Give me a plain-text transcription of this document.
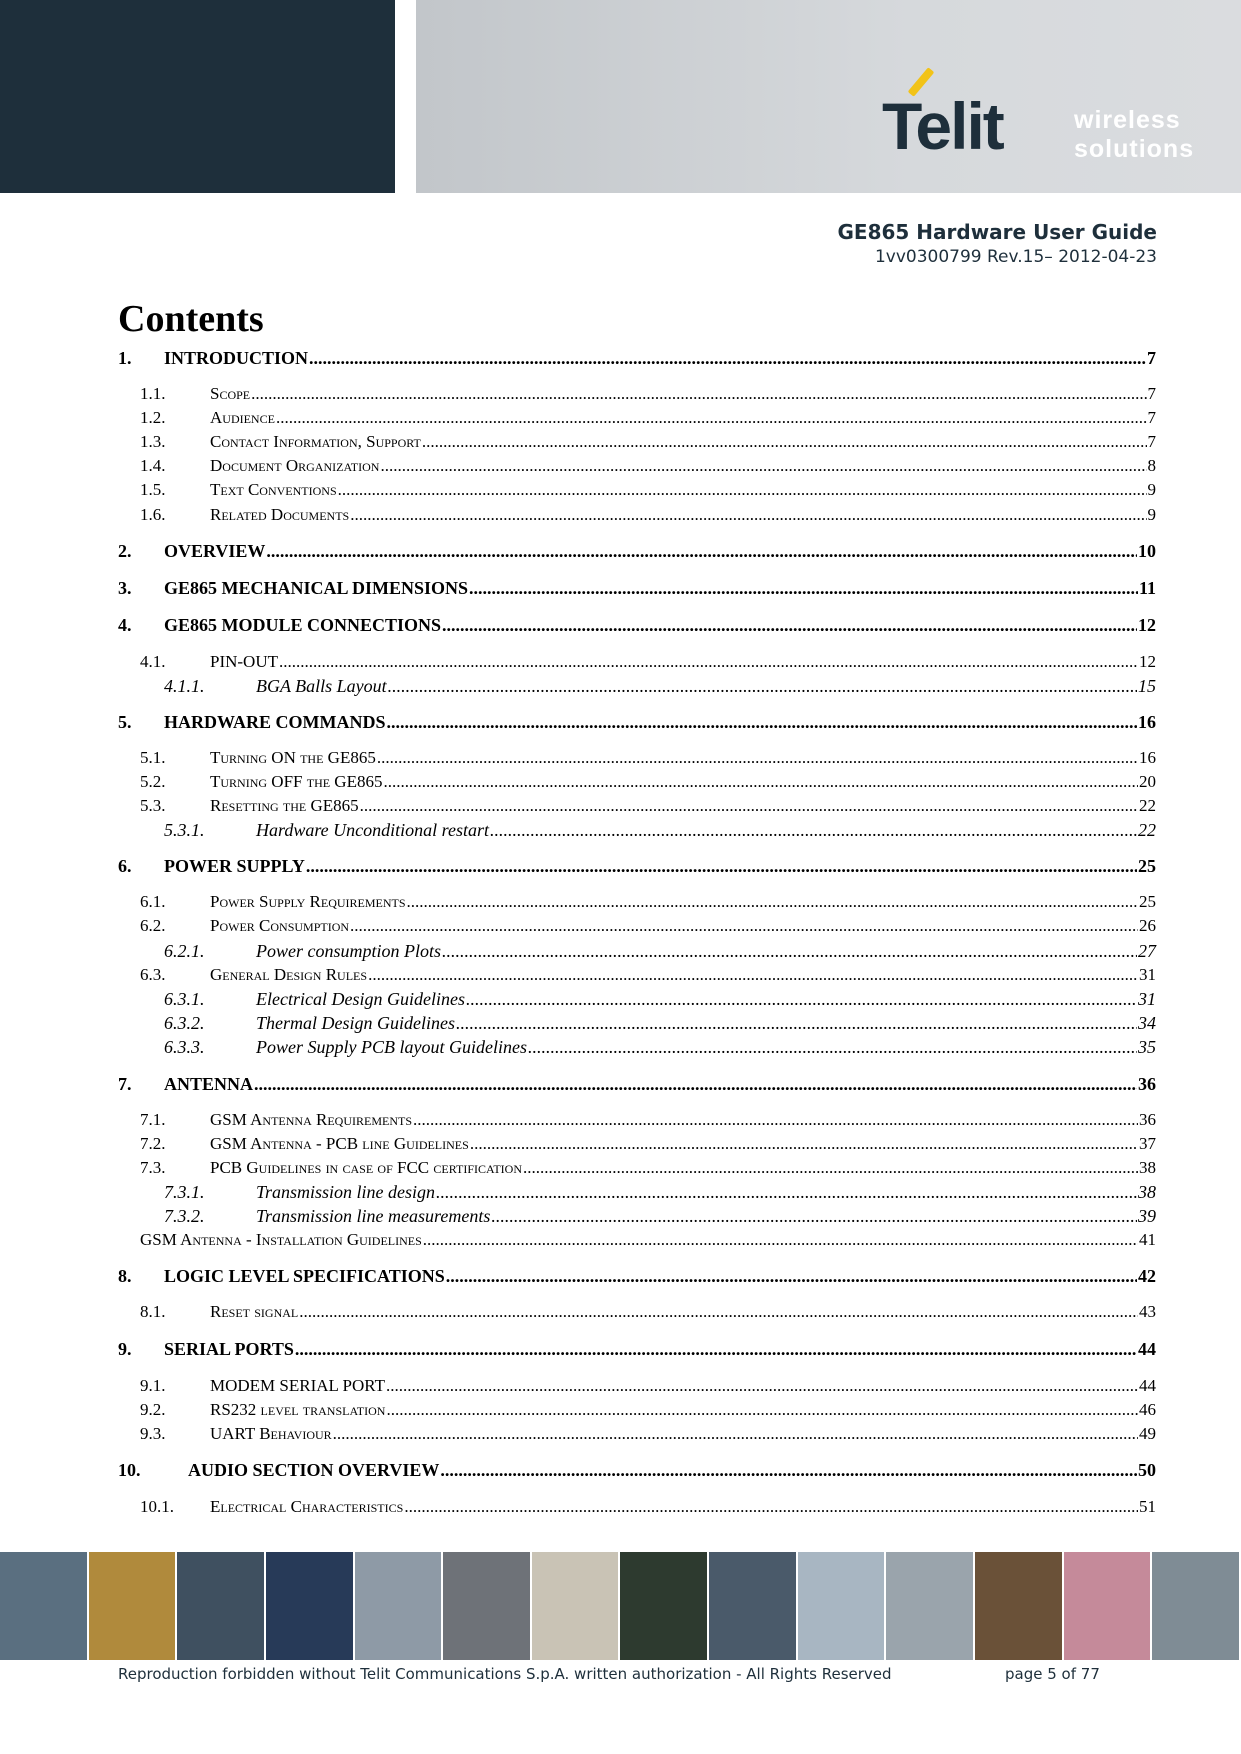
Telit	wireless
solutions
GE865 Hardware User Guide
1vv0300799 Rev.15– 2012-04-23
Contents
1. INTRODUCTION .....	7
1.1.	Scope .....	7
1.2.	Audience .....	7
1.3.	Contact Information, Support .....	7
1.4.	Document Organization .....	8
1.5.	Text Conventions .....	9
1.6.	Related Documents .....	9
2. OVERVIEW .....	10
3. GE865 MECHANICAL DIMENSIONS .....	11
4. GE865 MODULE CONNECTIONS .....	12
4.1.	PIN-OUT .....	12
4.1.1.	BGA Balls Layout .....	15
5. HARDWARE COMMANDS .....	16
5.1.	Turning ON the GE865 .....	16
5.2.	Turning OFF the GE865 .....	20
5.3.	Resetting the GE865 .....	22
5.3.1.	Hardware Unconditional restart .....	22
6. POWER SUPPLY .....	25
6.1.	Power Supply Requirements .....	25
6.2.	Power Consumption .....	26
6.2.1.	Power consumption Plots .....	27
6.3.	General Design Rules .....	31
6.3.1.	Electrical Design Guidelines .....	31
6.3.2.	Thermal Design Guidelines .....	34
6.3.3.	Power Supply PCB layout Guidelines .....	35
7. ANTENNA .....	36
7.1.	GSM Antenna Requirements .....	36
7.2.	GSM Antenna - PCB line Guidelines .....	37
7.3.	PCB Guidelines in case of FCC certification .....	38
7.3.1.	Transmission line design .....	38
7.3.2.	Transmission line measurements .....	39
GSM Antenna - Installation Guidelines .....	41
8. LOGIC LEVEL SPECIFICATIONS .....	42
8.1.	Reset signal .....	43
9. SERIAL PORTS .....	44
9.1.	MODEM SERIAL PORT .....	44
9.2.	RS232 level translation .....	46
9.3.	UART Behaviour .....	49
10.	AUDIO SECTION OVERVIEW .....	50
10.1. Electrical Characteristics .....	51
Reproduction forbidden without Telit Communications S.p.A. written authorization - All Rights Reserved	page 5 of 77
